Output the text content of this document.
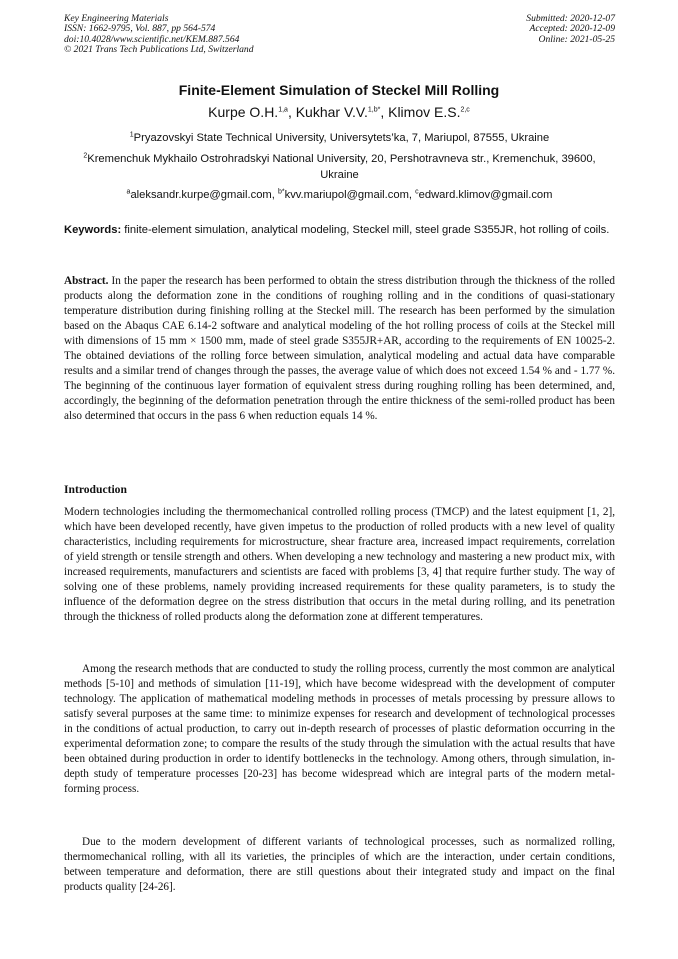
Key Engineering Materials
ISSN: 1662-9795, Vol. 887, pp 564-574
doi:10.4028/www.scientific.net/KEM.887.564
© 2021 Trans Tech Publications Ltd, Switzerland
Submitted: 2020-12-07
Accepted: 2020-12-09
Online: 2021-05-25
Finite-Element Simulation of Steckel Mill Rolling
Kurpe O.H.$^{1,a}$, Kukhar V.V.$^{1,b*}$, Klimov E.S.$^{2,c}$
$^1$Pryazovskyi State Technical University, Universytets’ka, 7, Mariupol, 87555, Ukraine
$^2$Kremenchuk Mykhailo Ostrohradskyi National University, 20, Pershotravneva str., Kremenchuk, 39600, Ukraine
$^a$aleksandr.kurpe@gmail.com, $^{b*}$kvv.mariupol@gmail.com, $^c$edward.klimov@gmail.com
Keywords: finite-element simulation, analytical modeling, Steckel mill, steel grade S355JR, hot rolling of coils.

Abstract. In the paper the research has been performed to obtain the stress distribution through the thickness of the rolled products along the deformation zone in the conditions of roughing rolling and in the conditions of quasi-stationary temperature distribution during finishing rolling at the Steckel mill. The research has been performed by the simulation based on the Abaqus CAE 6.14-2 software and analytical modeling of the hot rolling process of coils at the Steckel mill with dimensions of 15 mm × 1500 mm, made of steel grade S355JR+AR, according to the requirements of EN 10025-2. The obtained deviations of the rolling force between simulation, analytical modeling and actual data have comparable results and a similar trend of changes through the passes, the average value of which does not exceed 1.54 % and - 1.77 %. The beginning of the continuous layer formation of equivalent stress during roughing rolling has been determined, and, accordingly, the beginning of the deformation penetration through the entire thickness of the semi-rolled product has been also determined that occurs in the pass 6 when reduction equals 14 %.

Introduction

Modern technologies including the thermomechanical controlled rolling process (TMCP) and the latest equipment [1, 2], which have been developed recently, have given impetus to the production of rolled products with a new level of quality characteristics, including requirements for microstructure, shear fracture area, increased impact requirements, correlation of yield strength or tensile strength and others. When developing a new technology and mastering a new product mix, with increased requirements, manufacturers and scientists are faced with problems [3, 4] that require further study. The way of solving one of these problems, namely providing increased requirements for these quality parameters, is to study the influence of the deformation degree on the stress distribution that occurs in the metal during rolling, and its penetration through the thickness of rolled products along the deformation zone at different temperatures.

Among the research methods that are conducted to study the rolling process, currently the most common are analytical methods [5-10] and methods of simulation [11-19], which have become widespread with the development of computer technology. The application of mathematical modeling methods in processes of metals processing by pressure allows to satisfy several purposes at the same time: to minimize expenses for research and development of technological processes in the conditions of actual production, to carry out in-depth research of processes of plastic deformation occurring in the experimental deformation zone; to compare the results of the study through the simulation with the actual results that have been obtained during production in order to identify bottlenecks in the technology. Among others, through simulation, in-depth study of temperature processes [20-23] has become widespread which are integral parts of the modern metal-forming process.

Due to the modern development of different variants of technological processes, such as normalized rolling, thermomechanical rolling, with all its varieties, the principles of which are the interaction, under certain conditions, between temperature and deformation, there are still questions about their integrated study and impact on the final products quality [24-26].
